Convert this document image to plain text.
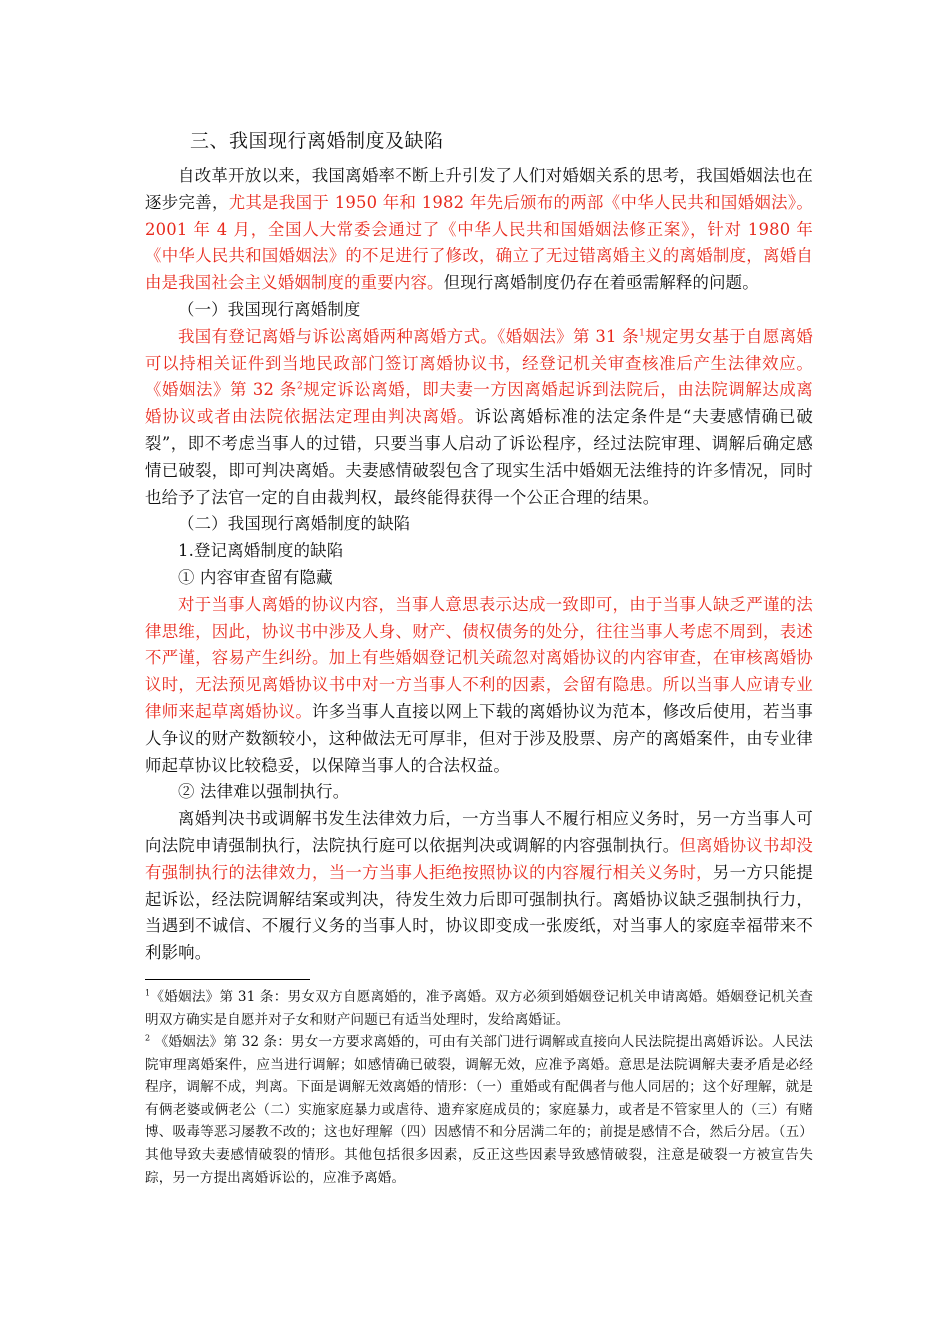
三、我国现行离婚制度及缺陷

自改革开放以来，我国离婚率不断上升引发了人们对婚姻关系的思考，我国婚姻法也在逐步完善，尤其是我国于 1950 年和 1982 年先后颁布的两部《中华人民共和国婚姻法》。2001 年 4 月，全国人大常委会通过了《中华人民共和国婚姻法修正案》，针对 1980 年《中华人民共和国婚姻法》的不足进行了修改，确立了无过错离婚主义的离婚制度，离婚自由是我国社会主义婚姻制度的重要内容。但现行离婚制度仍存在着亟需解释的问题。

（一）我国现行离婚制度

我国有登记离婚与诉讼离婚两种离婚方式。《婚姻法》第 31 条$^1$规定男女基于自愿离婚可以持相关证件到当地民政部门签订离婚协议书，经登记机关审查核准后产生法律效应。《婚姻法》第 32 条$^2$规定诉讼离婚，即夫妻一方因离婚起诉到法院后，由法院调解达成离婚协议或者由法院依据法定理由判决离婚。诉讼离婚标准的法定条件是“夫妻感情确已破裂”，即不考虑当事人的过错，只要当事人启动了诉讼程序，经过法院审理、调解后确定感情已破裂，即可判决离婚。夫妻感情破裂包含了现实生活中婚姻无法维持的许多情况，同时也给予了法官一定的自由裁判权，最终能得获得一个公正合理的结果。

（二）我国现行离婚制度的缺陷

1.登记离婚制度的缺陷

① 内容审查留有隐藏

对于当事人离婚的协议内容，当事人意思表示达成一致即可，由于当事人缺乏严谨的法律思维，因此，协议书中涉及人身、财产、债权债务的处分，往往当事人考虑不周到，表述不严谨，容易产生纠纷。加上有些婚姻登记机关疏忽对离婚协议的内容审查，在审核离婚协议时，无法预见离婚协议书中对一方当事人不利的因素，会留有隐患。所以当事人应请专业律师来起草离婚协议。许多当事人直接以网上下载的离婚协议为范本，修改后使用，若当事人争议的财产数额较小，这种做法无可厚非，但对于涉及股票、房产的离婚案件，由专业律师起草协议比较稳妥，以保障当事人的合法权益。

② 法律难以强制执行。

离婚判决书或调解书发生法律效力后，一方当事人不履行相应义务时，另一方当事人可向法院申请强制执行，法院执行庭可以依据判决或调解的内容强制执行。但离婚协议书却没有强制执行的法律效力，当一方当事人拒绝按照协议的内容履行相关义务时，另一方只能提起诉讼，经法院调解结案或判决，待发生效力后即可强制执行。离婚协议缺乏强制执行力，当遇到不诚信、不履行义务的当事人时，协议即变成一张废纸，对当事人的家庭幸福带来不利影响。

$^1$《婚姻法》第 31 条：男女双方自愿离婚的，准予离婚。双方必须到婚姻登记机关申请离婚。婚姻登记机关查明双方确实是自愿并对子女和财产问题已有适当处理时，发给离婚证。

$^2$ 《婚姻法》第 32 条：男女一方要求离婚的，可由有关部门进行调解或直接向人民法院提出离婚诉讼。人民法院审理离婚案件，应当进行调解；如感情确已破裂，调解无效，应准予离婚。意思是法院调解夫妻矛盾是必经程序，调解不成，判离。下面是调解无效离婚的情形：（一）重婚或有配偶者与他人同居的；这个好理解，就是有俩老婆或俩老公（二）实施家庭暴力或虐待、遗弃家庭成员的；家庭暴力，或者是不管家里人的（三）有赌博、吸毒等恶习屡教不改的；这也好理解（四）因感情不和分居满二年的；前提是感情不合，然后分居。（五）其他导致夫妻感情破裂的情形。其他包括很多因素，反正这些因素导致感情破裂，注意是破裂一方被宣告失踪，另一方提出离婚诉讼的，应准予离婚。
